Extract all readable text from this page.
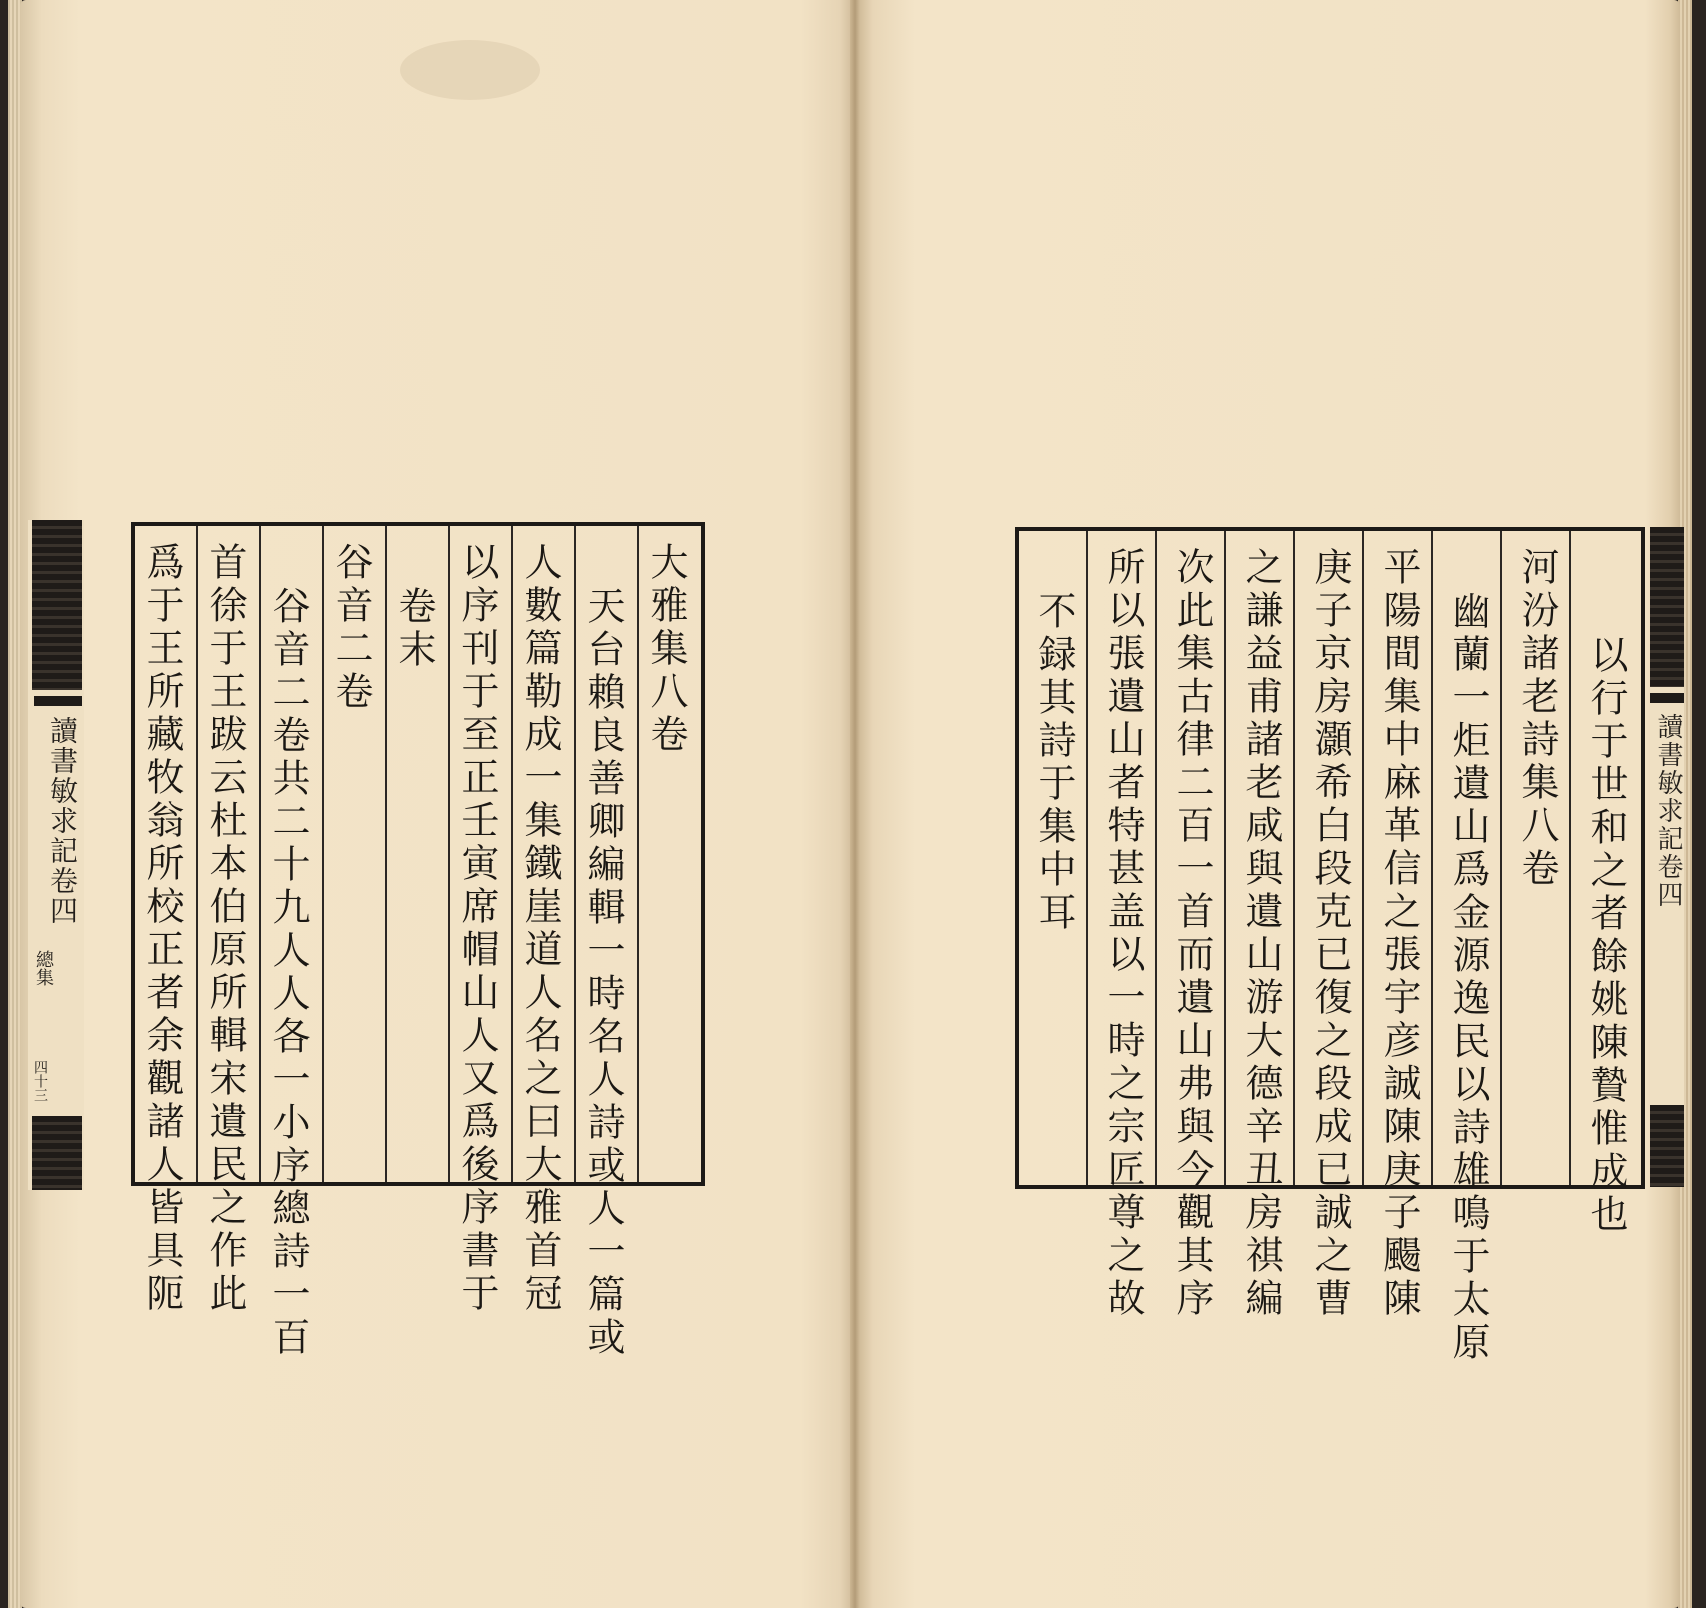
讀書敏求記卷四
總集
四十三
大雅集八卷
天台賴良善卿編輯一時名人詩或人一篇或
人數篇勒成一集鐵崖道人名之曰大雅首冠
以序刊于至正壬寅席帽山人又爲後序書于
卷末
谷音二卷
谷音二卷共二十九人人各一小序總詩一百
首徐于王跋云杜本伯原所輯宋遺民之作此
爲于王所藏牧翁所校正者余觀諸人皆具阨	以行于世和之者餘姚陳贄惟成也
河汾諸老詩集八卷
幽蘭一炬遺山爲金源逸民以詩雄鳴于太原
平陽間集中麻革信之張宇彦誠陳庚子颺陳
庚子京房灝希白段克已復之段成已誠之曹
之謙益甫諸老咸與遺山游大德辛丑房祺編
次此集古律二百一首而遺山弗與今觀其序
所以張遺山者特甚盖以一時之宗匠尊之故
不録其詩于集中耳	讀書敏求記卷四
